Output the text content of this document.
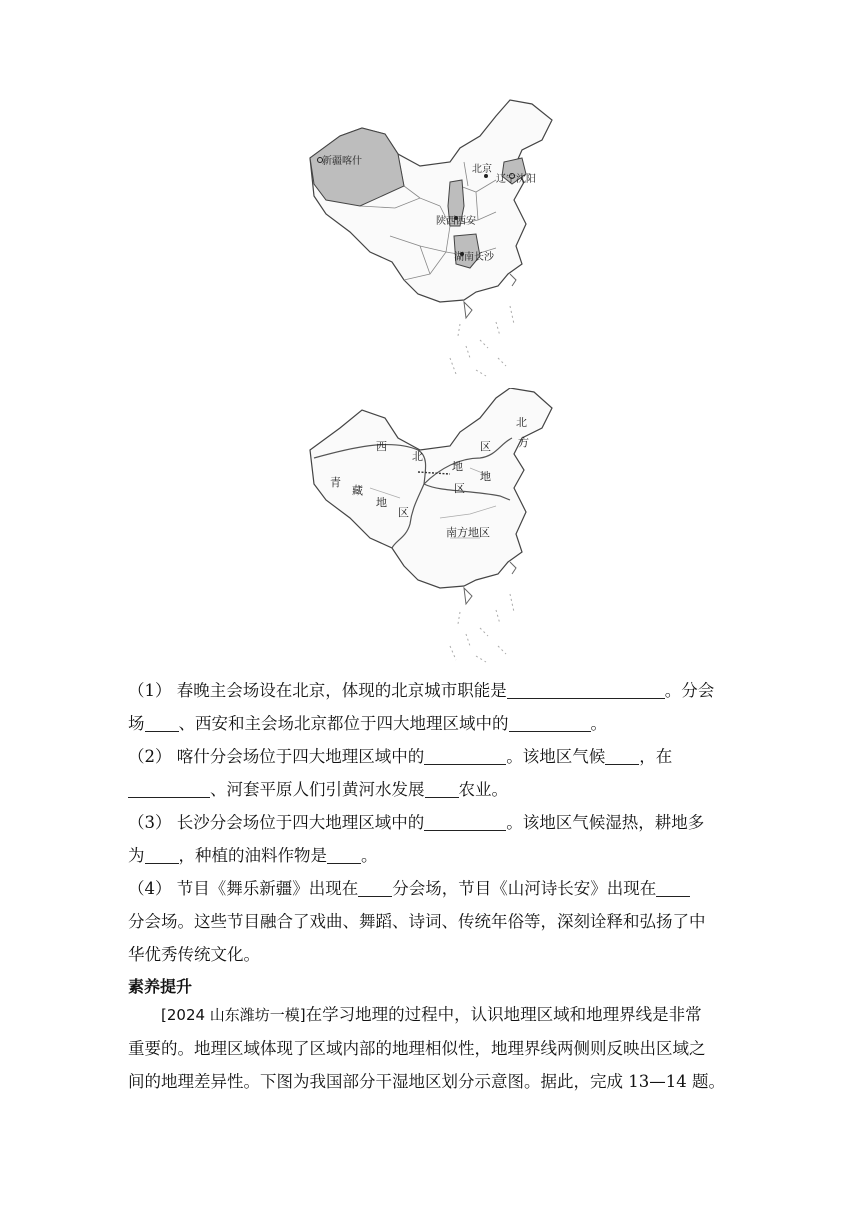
新疆喀什
北京
辽宁沈阳
陕西西安
湖南长沙
西
北
区
北
方
地
地
区
青
藏
地
区
南方地区
（1） 春晚主会场设在北京，体现的北京城市职能是	。分会
场 、西安和主会场北京都位于四大地理区域中的	。
（2） 喀什分会场位于四大地理区域中的	。该地区气候 ，在
、河套平原人们引黄河水发展 农业。
（3） 长沙分会场位于四大地理区域中的	。该地区气候湿热，耕地多
为 ，种植的油料作物是 。
（4） 节目《舞乐新疆》出现在 分会场，节目《山河诗长安》出现在
分会场。这些节目融合了戏曲、舞蹈、诗词、传统年俗等，深刻诠释和弘扬了中
华优秀传统文化。
素养提升
[2024 山东潍坊一模]在学习地理的过程中，认识地理区域和地理界线是非常
重要的。地理区域体现了区域内部的地理相似性，地理界线两侧则反映出区域之
间的地理差异性。下图为我国部分干湿地区划分示意图。据此，完成 13—14 题。
